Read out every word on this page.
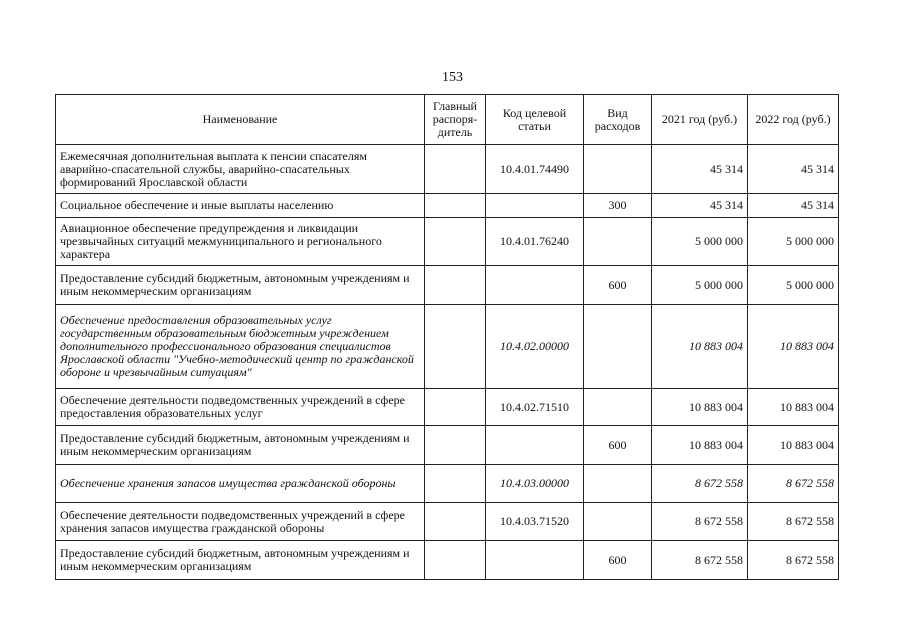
153
Наименование	Главный распоря-дитель	Код целевой статьи	Вид расходов	2021 год (руб.)	2022 год (руб.)
Ежемесячная дополнительная выплата к пенсии спасателям аварийно-спасательной службы, аварийно-спасательных формирований Ярославской области		10.4.01.74490		45 314	45 314
Социальное обеспечение и иные выплаты населению			300	45 314	45 314
Авиационное обеспечение предупреждения и ликвидации чрезвычайных ситуаций межмуниципального и регионального характера		10.4.01.76240		5 000 000	5 000 000
Предоставление субсидий бюджетным, автономным учреждениям и иным некоммерческим организациям			600	5 000 000	5 000 000
Обеспечение предоставления образовательных услуг государственным образовательным бюджетным учреждением дополнительного профессионального образования специалистов Ярославской области "Учебно-методический центр по гражданской обороне и чрезвычайным ситуациям"		10.4.02.00000		10 883 004	10 883 004
Обеспечение деятельности подведомственных учреждений в сфере предоставления образовательных услуг		10.4.02.71510		10 883 004	10 883 004
Предоставление субсидий бюджетным, автономным учреждениям и иным некоммерческим организациям			600	10 883 004	10 883 004
Обеспечение хранения запасов имущества гражданской обороны		10.4.03.00000		8 672 558	8 672 558
Обеспечение деятельности подведомственных учреждений в сфере хранения запасов имущества гражданской обороны		10.4.03.71520		8 672 558	8 672 558
Предоставление субсидий бюджетным, автономным учреждениям и иным некоммерческим организациям			600	8 672 558	8 672 558
